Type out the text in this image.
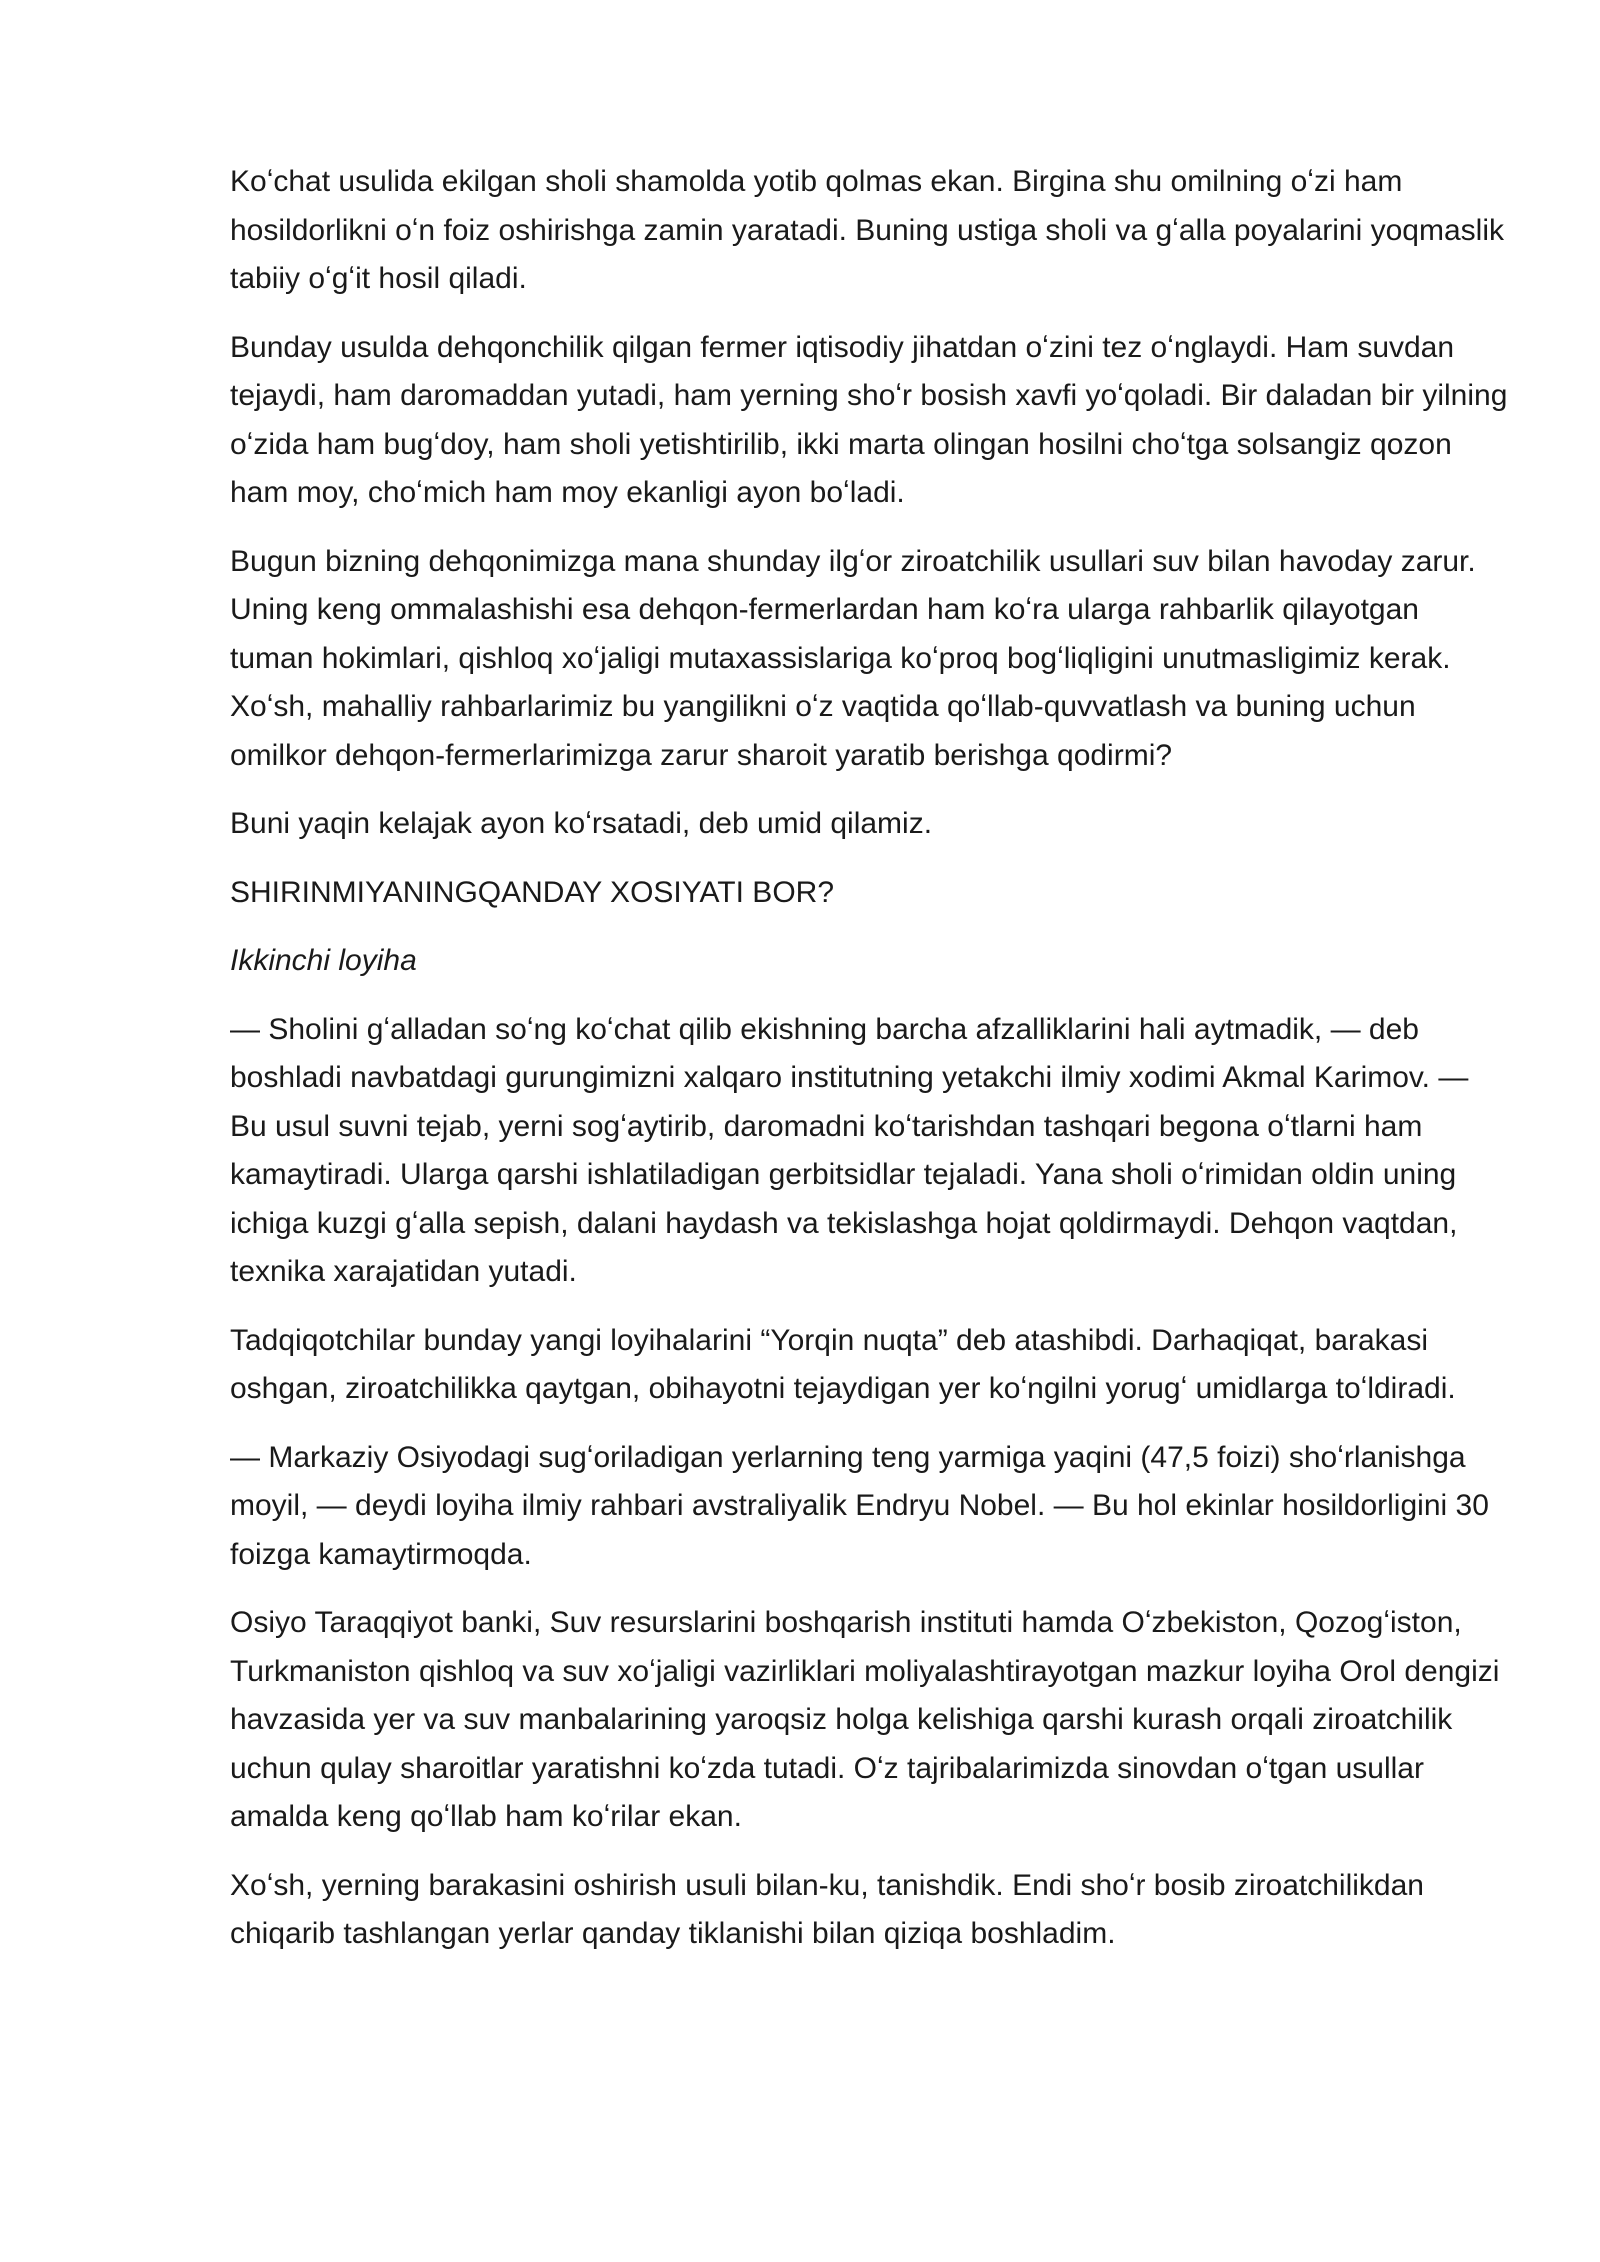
Koʻchat usulida ekilgan sholi shamolda yotib qolmas ekan. Birgina shu omilning oʻzi ham hosildorlikni oʻn foiz oshirishga zamin yaratadi. Buning ustiga sholi va gʻalla poyalarini yoqmaslik tabiiy oʻgʻit hosil qiladi.

Bunday usulda dehqonchilik qilgan fermer iqtisodiy jihatdan oʻzini tez oʻnglaydi. Ham suvdan tejaydi, ham daromaddan yutadi, ham yerning shoʻr bosish xavfi yoʻqoladi. Bir daladan bir yilning oʻzida ham bugʻdoy, ham sholi yetishtirilib, ikki marta olingan hosilni choʻtga solsangiz qozon ham moy, choʻmich ham moy ekanligi ayon boʻladi.

Bugun bizning dehqonimizga mana shunday ilgʻor ziroatchilik usullari suv bilan havoday zarur. Uning keng ommalashishi esa dehqon-fermerlardan ham koʻra ularga rahbarlik qilayotgan tuman hokimlari, qishloq xoʻjaligi mutaxassislariga koʻproq bogʻliqligini unutmasligimiz kerak. Xoʻsh, mahalliy rahbarlarimiz bu yangilikni oʻz vaqtida qoʻllab-quvvatlash va buning uchun omilkor dehqon-fermerlarimizga zarur sharoit yaratib berishga qodirmi?

Buni yaqin kelajak ayon koʻrsatadi, deb umid qilamiz.

SHIRINMIYANINGQANDAY XOSIYATI BOR?

Ikkinchi loyiha

— Sholini gʻalladan soʻng koʻchat qilib ekishning barcha afzalliklarini hali aytmadik, — deb boshladi navbatdagi gurungimizni xalqaro institutning yetakchi ilmiy xodimi Akmal Karimov. — Bu usul suvni tejab, yerni sogʻaytirib, daromadni koʻtarishdan tashqari begona oʻtlarni ham kamaytiradi. Ularga qarshi ishlatiladigan gerbitsidlar tejaladi. Yana sholi oʻrimidan oldin uning ichiga kuzgi gʻalla sepish, dalani haydash va tekislashga hojat qoldirmaydi. Dehqon vaqtdan, texnika xarajatidan yutadi.

Tadqiqotchilar bunday yangi loyihalarini “Yorqin nuqta” deb atashibdi. Darhaqiqat, barakasi oshgan, ziroatchilikka qaytgan, obihayotni tejaydigan yer koʻngilni yorugʻ umidlarga toʻldiradi.

— Markaziy Osiyodagi sugʻoriladigan yerlarning teng yarmiga yaqini (47,5 foizi) shoʻrlanishga moyil, — deydi loyiha ilmiy rahbari avstraliyalik Endryu Nobel. — Bu hol ekinlar hosildorligini 30 foizga kamaytirmoqda.

Osiyo Taraqqiyot banki, Suv resurslarini boshqarish instituti hamda Oʻzbekiston, Qozogʻiston, Turkmaniston qishloq va suv xoʻjaligi vazirliklari moliyalashtirayotgan mazkur loyiha Orol dengizi havzasida yer va suv manbalarining yaroqsiz holga kelishiga qarshi kurash orqali ziroatchilik uchun qulay sharoitlar yaratishni koʻzda tutadi. Oʻz tajribalarimizda sinovdan oʻtgan usullar amalda keng qoʻllab ham koʻrilar ekan.

Xoʻsh, yerning barakasini oshirish usuli bilan-ku, tanishdik. Endi shoʻr bosib ziroatchilikdan chiqarib tashlangan yerlar qanday tiklanishi bilan qiziqa boshladim.
